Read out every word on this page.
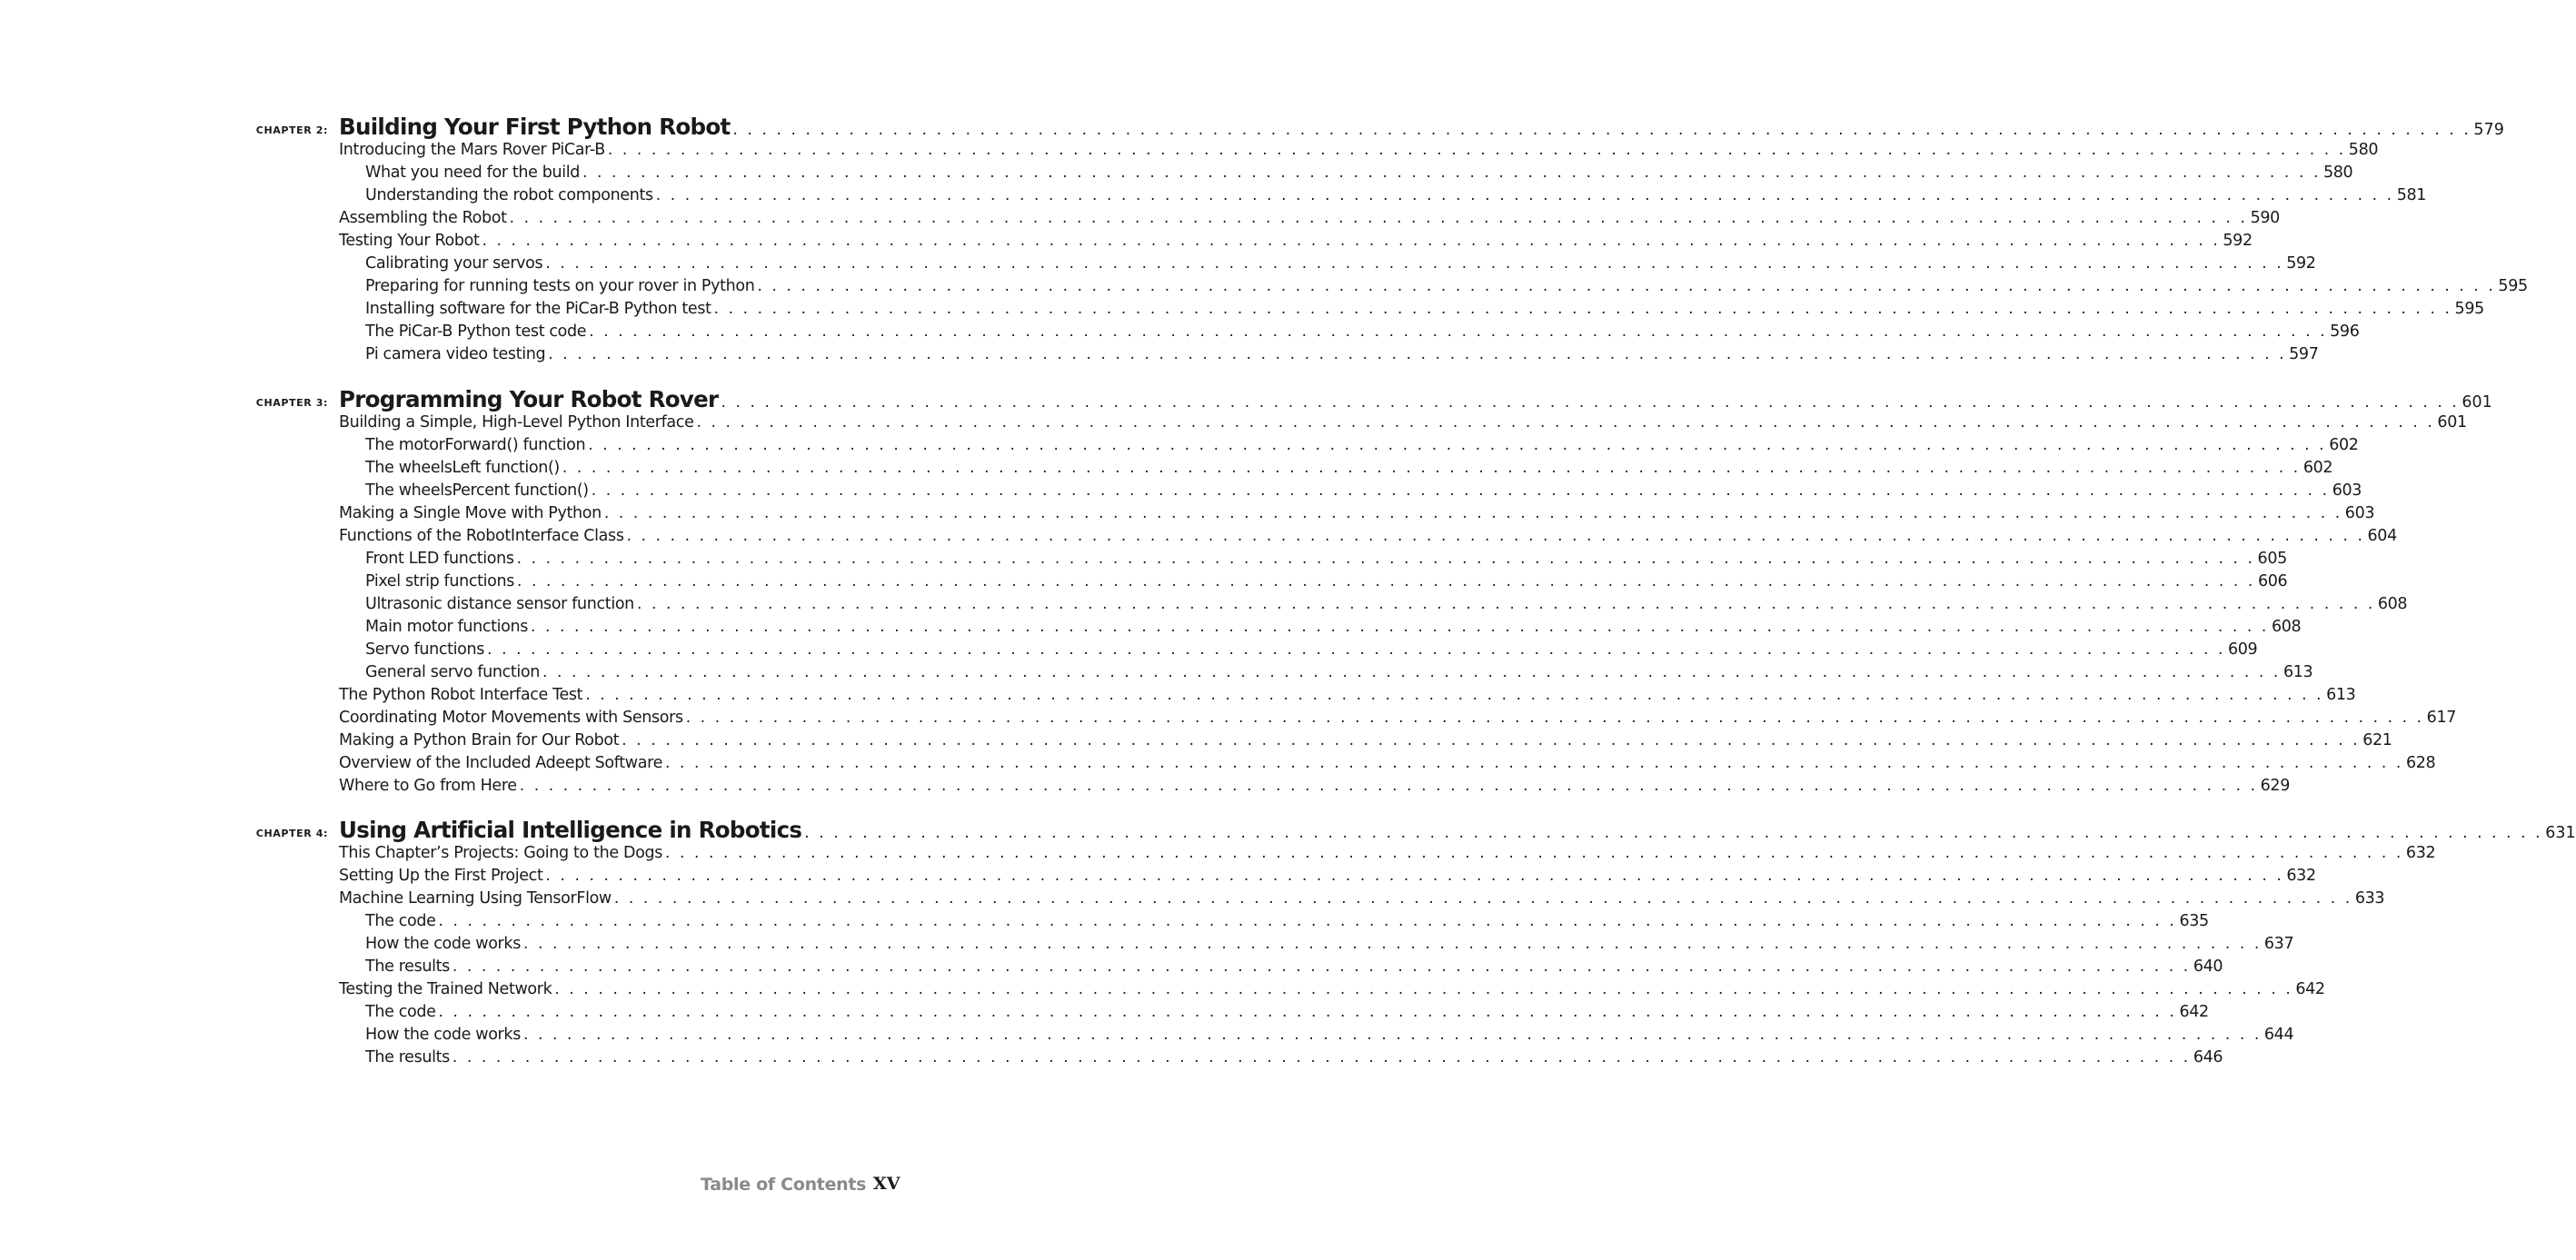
CHAPTER 2: Building Your First Python Robot . . . . . . . . . . . . . . . . . . . . . . . . . . . . . . . . . . . . . . . . . . . . . . . . . . . . . . . . . . . . . . . . . . . . . . . . . . . . . . . . . . . . . . . . . . . . . . . . . . . . . . . . . . . . . . . . . . . . . . . . 579
Introducing the Mars Rover PiCar-B . . . . . . . . . . . . . . . . . . . . . . . . . . . . . . . . . . . . . . . . . . . . . . . . . . . . . . . . . . . . . . . . . . . . . . . . . . . . . . . . . . . . . . . . . . . . . . . . . . . . . . . . . . . . . . . . . . . . . . . . 580
What you need for the build . . . . . . . . . . . . . . . . . . . . . . . . . . . . . . . . . . . . . . . . . . . . . . . . . . . . . . . . . . . . . . . . . . . . . . . . . . . . . . . . . . . . . . . . . . . . . . . . . . . . . . . . . . . . . . . . . . . . . . . . 580
Understanding the robot components . . . . . . . . . . . . . . . . . . . . . . . . . . . . . . . . . . . . . . . . . . . . . . . . . . . . . . . . . . . . . . . . . . . . . . . . . . . . . . . . . . . . . . . . . . . . . . . . . . . . . . . . . . . . . . . . . . . . . . . . 581
Assembling the Robot . . . . . . . . . . . . . . . . . . . . . . . . . . . . . . . . . . . . . . . . . . . . . . . . . . . . . . . . . . . . . . . . . . . . . . . . . . . . . . . . . . . . . . . . . . . . . . . . . . . . . . . . . . . . . . . . . . . . . . . . 590
Testing Your Robot . . . . . . . . . . . . . . . . . . . . . . . . . . . . . . . . . . . . . . . . . . . . . . . . . . . . . . . . . . . . . . . . . . . . . . . . . . . . . . . . . . . . . . . . . . . . . . . . . . . . . . . . . . . . . . . . . . . . . . . . 592
Calibrating your servos . . . . . . . . . . . . . . . . . . . . . . . . . . . . . . . . . . . . . . . . . . . . . . . . . . . . . . . . . . . . . . . . . . . . . . . . . . . . . . . . . . . . . . . . . . . . . . . . . . . . . . . . . . . . . . . . . . . . . . . . 592
Preparing for running tests on your rover in Python . . . . . . . . . . . . . . . . . . . . . . . . . . . . . . . . . . . . . . . . . . . . . . . . . . . . . . . . . . . . . . . . . . . . . . . . . . . . . . . . . . . . . . . . . . . . . . . . . . . . . . . . . . . . . . . . . . . . . . . . 595
Installing software for the PiCar-B Python test . . . . . . . . . . . . . . . . . . . . . . . . . . . . . . . . . . . . . . . . . . . . . . . . . . . . . . . . . . . . . . . . . . . . . . . . . . . . . . . . . . . . . . . . . . . . . . . . . . . . . . . . . . . . . . . . . . . . . . . . 595
The PiCar-B Python test code . . . . . . . . . . . . . . . . . . . . . . . . . . . . . . . . . . . . . . . . . . . . . . . . . . . . . . . . . . . . . . . . . . . . . . . . . . . . . . . . . . . . . . . . . . . . . . . . . . . . . . . . . . . . . . . . . . . . . . . . 596
Pi camera video testing . . . . . . . . . . . . . . . . . . . . . . . . . . . . . . . . . . . . . . . . . . . . . . . . . . . . . . . . . . . . . . . . . . . . . . . . . . . . . . . . . . . . . . . . . . . . . . . . . . . . . . . . . . . . . . . . . . . . . . . . 597
CHAPTER 3: Programming Your Robot Rover . . . . . . . . . . . . . . . . . . . . . . . . . . . . . . . . . . . . . . . . . . . . . . . . . . . . . . . . . . . . . . . . . . . . . . . . . . . . . . . . . . . . . . . . . . . . . . . . . . . . . . . . . . . . . . . . . . . . . . . . 601
Building a Simple, High-Level Python Interface . . . . . . . . . . . . . . . . . . . . . . . . . . . . . . . . . . . . . . . . . . . . . . . . . . . . . . . . . . . . . . . . . . . . . . . . . . . . . . . . . . . . . . . . . . . . . . . . . . . . . . . . . . . . . . . . . . . . . . . . 601
The motorForward() function . . . . . . . . . . . . . . . . . . . . . . . . . . . . . . . . . . . . . . . . . . . . . . . . . . . . . . . . . . . . . . . . . . . . . . . . . . . . . . . . . . . . . . . . . . . . . . . . . . . . . . . . . . . . . . . . . . . . . . . . 602
The wheelsLeft function() . . . . . . . . . . . . . . . . . . . . . . . . . . . . . . . . . . . . . . . . . . . . . . . . . . . . . . . . . . . . . . . . . . . . . . . . . . . . . . . . . . . . . . . . . . . . . . . . . . . . . . . . . . . . . . . . . . . . . . . . 602
The wheelsPercent function() . . . . . . . . . . . . . . . . . . . . . . . . . . . . . . . . . . . . . . . . . . . . . . . . . . . . . . . . . . . . . . . . . . . . . . . . . . . . . . . . . . . . . . . . . . . . . . . . . . . . . . . . . . . . . . . . . . . . . . . . 603
Making a Single Move with Python . . . . . . . . . . . . . . . . . . . . . . . . . . . . . . . . . . . . . . . . . . . . . . . . . . . . . . . . . . . . . . . . . . . . . . . . . . . . . . . . . . . . . . . . . . . . . . . . . . . . . . . . . . . . . . . . . . . . . . . . 603
Functions of the RobotInterface Class . . . . . . . . . . . . . . . . . . . . . . . . . . . . . . . . . . . . . . . . . . . . . . . . . . . . . . . . . . . . . . . . . . . . . . . . . . . . . . . . . . . . . . . . . . . . . . . . . . . . . . . . . . . . . . . . . . . . . . . . 604
Front LED functions . . . . . . . . . . . . . . . . . . . . . . . . . . . . . . . . . . . . . . . . . . . . . . . . . . . . . . . . . . . . . . . . . . . . . . . . . . . . . . . . . . . . . . . . . . . . . . . . . . . . . . . . . . . . . . . . . . . . . . . . 605
Pixel strip functions . . . . . . . . . . . . . . . . . . . . . . . . . . . . . . . . . . . . . . . . . . . . . . . . . . . . . . . . . . . . . . . . . . . . . . . . . . . . . . . . . . . . . . . . . . . . . . . . . . . . . . . . . . . . . . . . . . . . . . . . 606
Ultrasonic distance sensor function . . . . . . . . . . . . . . . . . . . . . . . . . . . . . . . . . . . . . . . . . . . . . . . . . . . . . . . . . . . . . . . . . . . . . . . . . . . . . . . . . . . . . . . . . . . . . . . . . . . . . . . . . . . . . . . . . . . . . . . . 608
Main motor functions . . . . . . . . . . . . . . . . . . . . . . . . . . . . . . . . . . . . . . . . . . . . . . . . . . . . . . . . . . . . . . . . . . . . . . . . . . . . . . . . . . . . . . . . . . . . . . . . . . . . . . . . . . . . . . . . . . . . . . . . 608
Servo functions . . . . . . . . . . . . . . . . . . . . . . . . . . . . . . . . . . . . . . . . . . . . . . . . . . . . . . . . . . . . . . . . . . . . . . . . . . . . . . . . . . . . . . . . . . . . . . . . . . . . . . . . . . . . . . . . . . . . . . . . 609
General servo function . . . . . . . . . . . . . . . . . . . . . . . . . . . . . . . . . . . . . . . . . . . . . . . . . . . . . . . . . . . . . . . . . . . . . . . . . . . . . . . . . . . . . . . . . . . . . . . . . . . . . . . . . . . . . . . . . . . . . . . . 613
The Python Robot Interface Test . . . . . . . . . . . . . . . . . . . . . . . . . . . . . . . . . . . . . . . . . . . . . . . . . . . . . . . . . . . . . . . . . . . . . . . . . . . . . . . . . . . . . . . . . . . . . . . . . . . . . . . . . . . . . . . . . . . . . . . . 613
Coordinating Motor Movements with Sensors . . . . . . . . . . . . . . . . . . . . . . . . . . . . . . . . . . . . . . . . . . . . . . . . . . . . . . . . . . . . . . . . . . . . . . . . . . . . . . . . . . . . . . . . . . . . . . . . . . . . . . . . . . . . . . . . . . . . . . . . 617
Making a Python Brain for Our Robot . . . . . . . . . . . . . . . . . . . . . . . . . . . . . . . . . . . . . . . . . . . . . . . . . . . . . . . . . . . . . . . . . . . . . . . . . . . . . . . . . . . . . . . . . . . . . . . . . . . . . . . . . . . . . . . . . . . . . . . . 621
Overview of the Included Adeept Software . . . . . . . . . . . . . . . . . . . . . . . . . . . . . . . . . . . . . . . . . . . . . . . . . . . . . . . . . . . . . . . . . . . . . . . . . . . . . . . . . . . . . . . . . . . . . . . . . . . . . . . . . . . . . . . . . . . . . . . . 628
Where to Go from Here . . . . . . . . . . . . . . . . . . . . . . . . . . . . . . . . . . . . . . . . . . . . . . . . . . . . . . . . . . . . . . . . . . . . . . . . . . . . . . . . . . . . . . . . . . . . . . . . . . . . . . . . . . . . . . . . . . . . . . . . 629
CHAPTER 4: Using Artificial Intelligence in Robotics . . . . . . . . . . . . . . . . . . . . . . . . . . . . . . . . . . . . . . . . . . . . . . . . . . . . . . . . . . . . . . . . . . . . . . . . . . . . . . . . . . . . . . . . . . . . . . . . . . . . . . . . . . . . . . . . . . . . . . . . 631
This Chapter’s Projects: Going to the Dogs . . . . . . . . . . . . . . . . . . . . . . . . . . . . . . . . . . . . . . . . . . . . . . . . . . . . . . . . . . . . . . . . . . . . . . . . . . . . . . . . . . . . . . . . . . . . . . . . . . . . . . . . . . . . . . . . . . . . . . . . 632
Setting Up the First Project . . . . . . . . . . . . . . . . . . . . . . . . . . . . . . . . . . . . . . . . . . . . . . . . . . . . . . . . . . . . . . . . . . . . . . . . . . . . . . . . . . . . . . . . . . . . . . . . . . . . . . . . . . . . . . . . . . . . . . . . 632
Machine Learning Using TensorFlow . . . . . . . . . . . . . . . . . . . . . . . . . . . . . . . . . . . . . . . . . . . . . . . . . . . . . . . . . . . . . . . . . . . . . . . . . . . . . . . . . . . . . . . . . . . . . . . . . . . . . . . . . . . . . . . . . . . . . . . . 633
The code . . . . . . . . . . . . . . . . . . . . . . . . . . . . . . . . . . . . . . . . . . . . . . . . . . . . . . . . . . . . . . . . . . . . . . . . . . . . . . . . . . . . . . . . . . . . . . . . . . . . . . . . . . . . . . . . . . . . . . . . 635
How the code works . . . . . . . . . . . . . . . . . . . . . . . . . . . . . . . . . . . . . . . . . . . . . . . . . . . . . . . . . . . . . . . . . . . . . . . . . . . . . . . . . . . . . . . . . . . . . . . . . . . . . . . . . . . . . . . . . . . . . . . . 637
The results . . . . . . . . . . . . . . . . . . . . . . . . . . . . . . . . . . . . . . . . . . . . . . . . . . . . . . . . . . . . . . . . . . . . . . . . . . . . . . . . . . . . . . . . . . . . . . . . . . . . . . . . . . . . . . . . . . . . . . . . 640
Testing the Trained Network . . . . . . . . . . . . . . . . . . . . . . . . . . . . . . . . . . . . . . . . . . . . . . . . . . . . . . . . . . . . . . . . . . . . . . . . . . . . . . . . . . . . . . . . . . . . . . . . . . . . . . . . . . . . . . . . . . . . . . . . 642
The code . . . . . . . . . . . . . . . . . . . . . . . . . . . . . . . . . . . . . . . . . . . . . . . . . . . . . . . . . . . . . . . . . . . . . . . . . . . . . . . . . . . . . . . . . . . . . . . . . . . . . . . . . . . . . . . . . . . . . . . . 642
How the code works . . . . . . . . . . . . . . . . . . . . . . . . . . . . . . . . . . . . . . . . . . . . . . . . . . . . . . . . . . . . . . . . . . . . . . . . . . . . . . . . . . . . . . . . . . . . . . . . . . . . . . . . . . . . . . . . . . . . . . . . 644
The results . . . . . . . . . . . . . . . . . . . . . . . . . . . . . . . . . . . . . . . . . . . . . . . . . . . . . . . . . . . . . . . . . . . . . . . . . . . . . . . . . . . . . . . . . . . . . . . . . . . . . . . . . . . . . . . . . . . . . . . . 646
Table of Contents XV
